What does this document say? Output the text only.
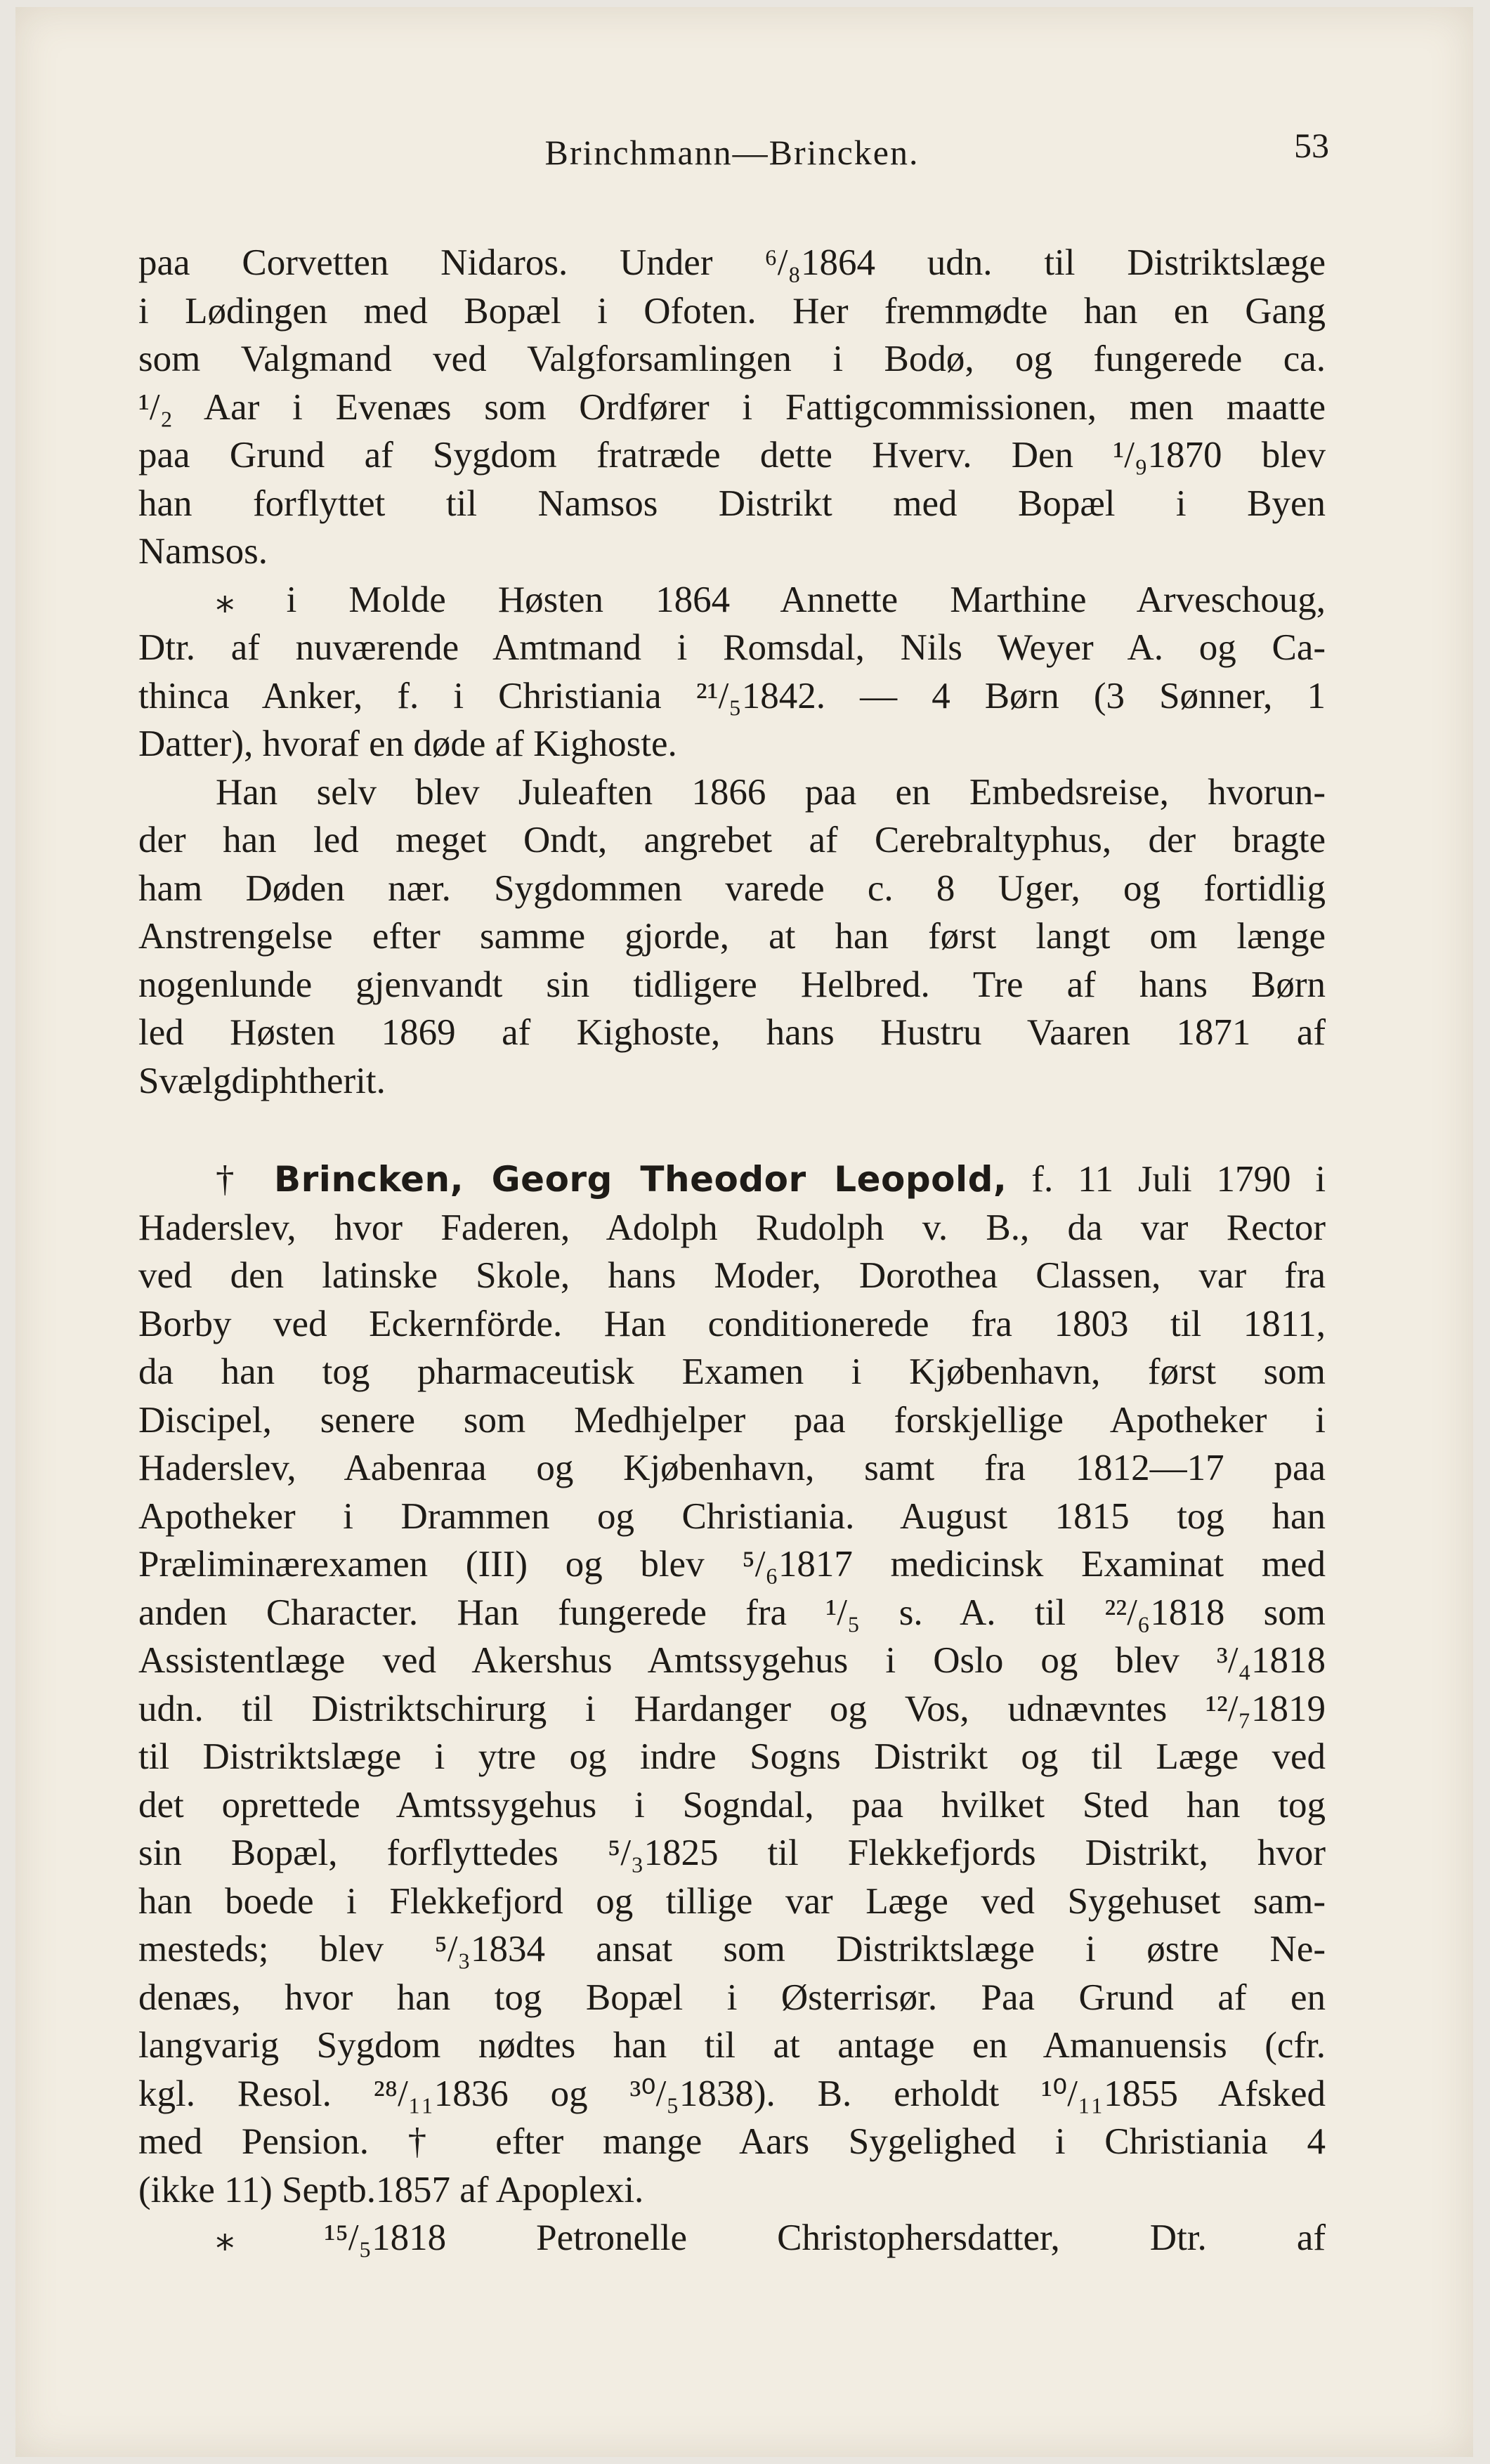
Brinchmann—Brincken.	53
paa Corvetten Nidaros. Under ⁶/₈1864 udn. til Distriktslæge
i Lødingen med Bopæl i Ofoten. Her fremmødte han en Gang
som Valgmand ved Valgforsamlingen i Bodø, og fungerede ca.
¹/₂ Aar i Evenæs som Ordfører i Fattigcommissionen, men maatte
paa Grund af Sygdom fratræde dette Hverv. Den ¹/₉1870 blev
han forflyttet til Namsos Distrikt med Bopæl i Byen
Namsos.
⁎ i Molde Høsten 1864 Annette Marthine Arveschoug,
Dtr. af nuværende Amtmand i Romsdal, Nils Weyer A. og Ca-
thinca Anker, f. i Christiania ²¹/₅1842. — 4 Børn (3 Sønner, 1
Datter), hvoraf en døde af Kighoste.
Han selv blev Juleaften 1866 paa en Embedsreise, hvorun-
der han led meget Ondt, angrebet af Cerebraltyphus, der bragte
ham Døden nær. Sygdommen varede c. 8 Uger, og fortidlig
Anstrengelse efter samme gjorde, at han først langt om længe
nogenlunde gjenvandt sin tidligere Helbred. Tre af hans Børn
led Høsten 1869 af Kighoste, hans Hustru Vaaren 1871 af
Svælgdiphtherit.
† Brincken, Georg Theodor Leopold, f. 11 Juli 1790 i
Haderslev, hvor Faderen, Adolph Rudolph v. B., da var Rector
ved den latinske Skole, hans Moder, Dorothea Classen, var fra
Borby ved Eckernförde. Han conditionerede fra 1803 til 1811,
da han tog pharmaceutisk Examen i Kjøbenhavn, først som
Discipel, senere som Medhjelper paa forskjellige Apotheker i
Haderslev, Aabenraa og Kjøbenhavn, samt fra 1812—17 paa
Apotheker i Drammen og Christiania. August 1815 tog han
Præliminærexamen (III) og blev ⁵/₆1817 medicinsk Examinat med
anden Character. Han fungerede fra ¹/₅ s. A. til ²²/₆1818 som
Assistentlæge ved Akershus Amtssygehus i Oslo og blev ³/₄1818
udn. til Distriktschirurg i Hardanger og Vos, udnævntes ¹²/₇1819
til Distriktslæge i ytre og indre Sogns Distrikt og til Læge ved
det oprettede Amtssygehus i Sogndal, paa hvilket Sted han tog
sin Bopæl, forflyttedes ⁵/₃1825 til Flekkefjords Distrikt, hvor
han boede i Flekkefjord og tillige var Læge ved Sygehuset sam-
mesteds; blev ⁵/₃1834 ansat som Distriktslæge i østre Ne-
denæs, hvor han tog Bopæl i Østerrisør. Paa Grund af en
langvarig Sygdom nødtes han til at antage en Amanuensis (cfr.
kgl. Resol. ²⁸/₁₁1836 og ³⁰/₅1838). B. erholdt ¹⁰/₁₁1855 Afsked
med Pension. † efter mange Aars Sygelighed i Christiania 4
(ikke 11) Septb.1857 af Apoplexi.
⁎ ¹⁵/₅1818 Petronelle Christophersdatter, Dtr. af
